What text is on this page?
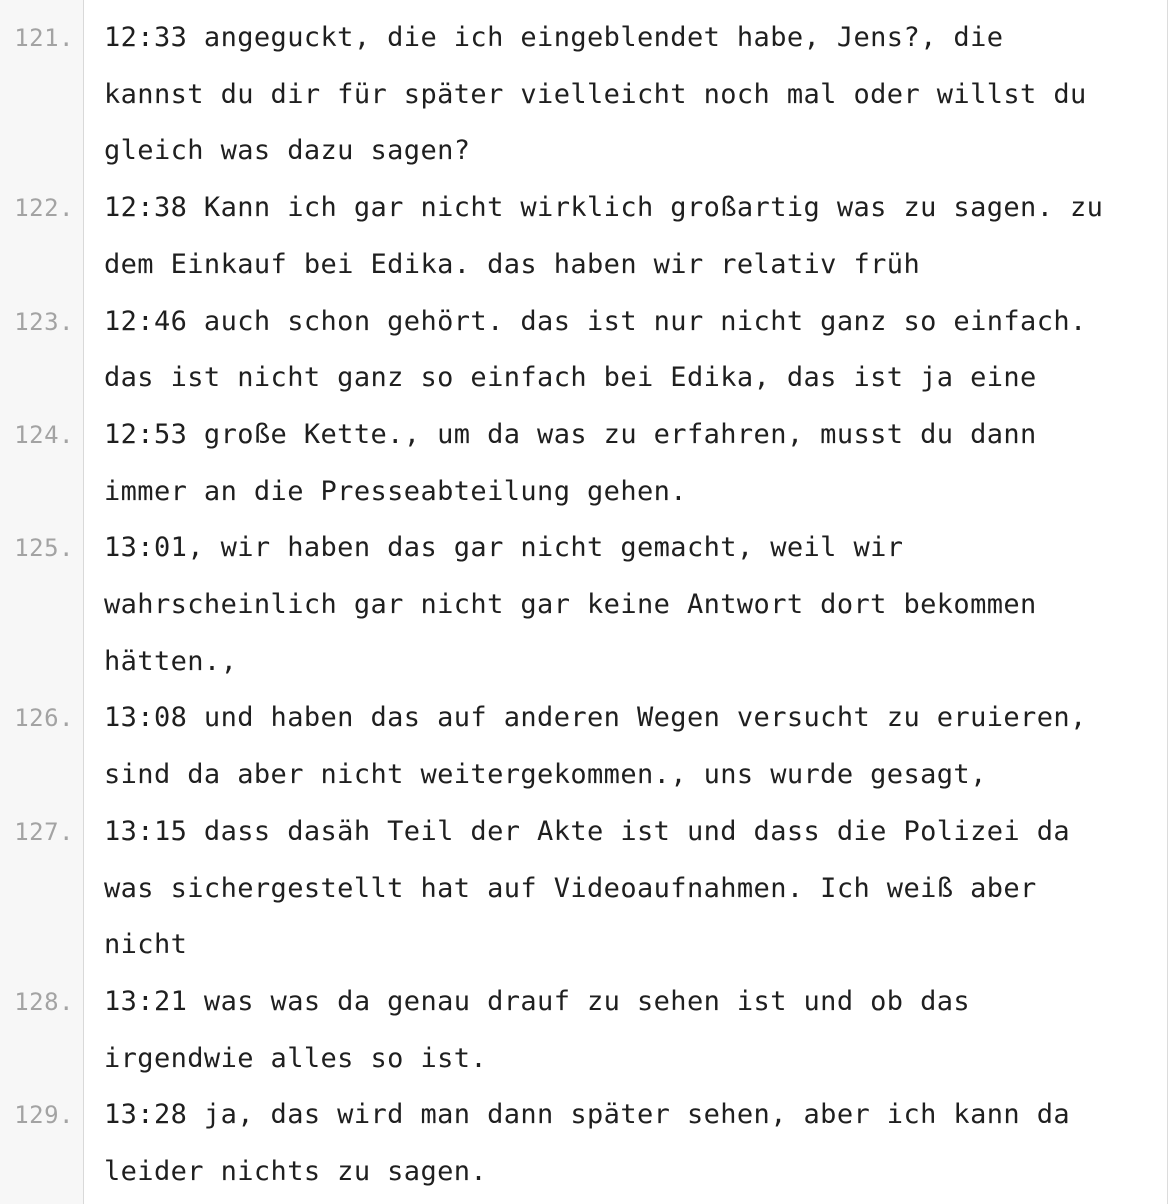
121. 12:33 angeguckt, die ich eingeblendet habe, Jens?, die
kannst du dir für später vielleicht noch mal oder willst du
gleich was dazu sagen?
122. 12:38 Kann ich gar nicht wirklich großartig was zu sagen. zu
dem Einkauf bei Edika. das haben wir relativ früh
123. 12:46 auch schon gehört. das ist nur nicht ganz so einfach.
das ist nicht ganz so einfach bei Edika, das ist ja eine
124. 12:53 große Kette., um da was zu erfahren, musst du dann
immer an die Presseabteilung gehen.
125. 13:01, wir haben das gar nicht gemacht, weil wir
wahrscheinlich gar nicht gar keine Antwort dort bekommen
hätten.,
126. 13:08 und haben das auf anderen Wegen versucht zu eruieren,
sind da aber nicht weitergekommen., uns wurde gesagt,
127. 13:15 dass dasäh Teil der Akte ist und dass die Polizei da
was sichergestellt hat auf Videoaufnahmen. Ich weiß aber
nicht
128. 13:21 was was da genau drauf zu sehen ist und ob das
irgendwie alles so ist.
129. 13:28 ja, das wird man dann später sehen, aber ich kann da
leider nichts zu sagen.
